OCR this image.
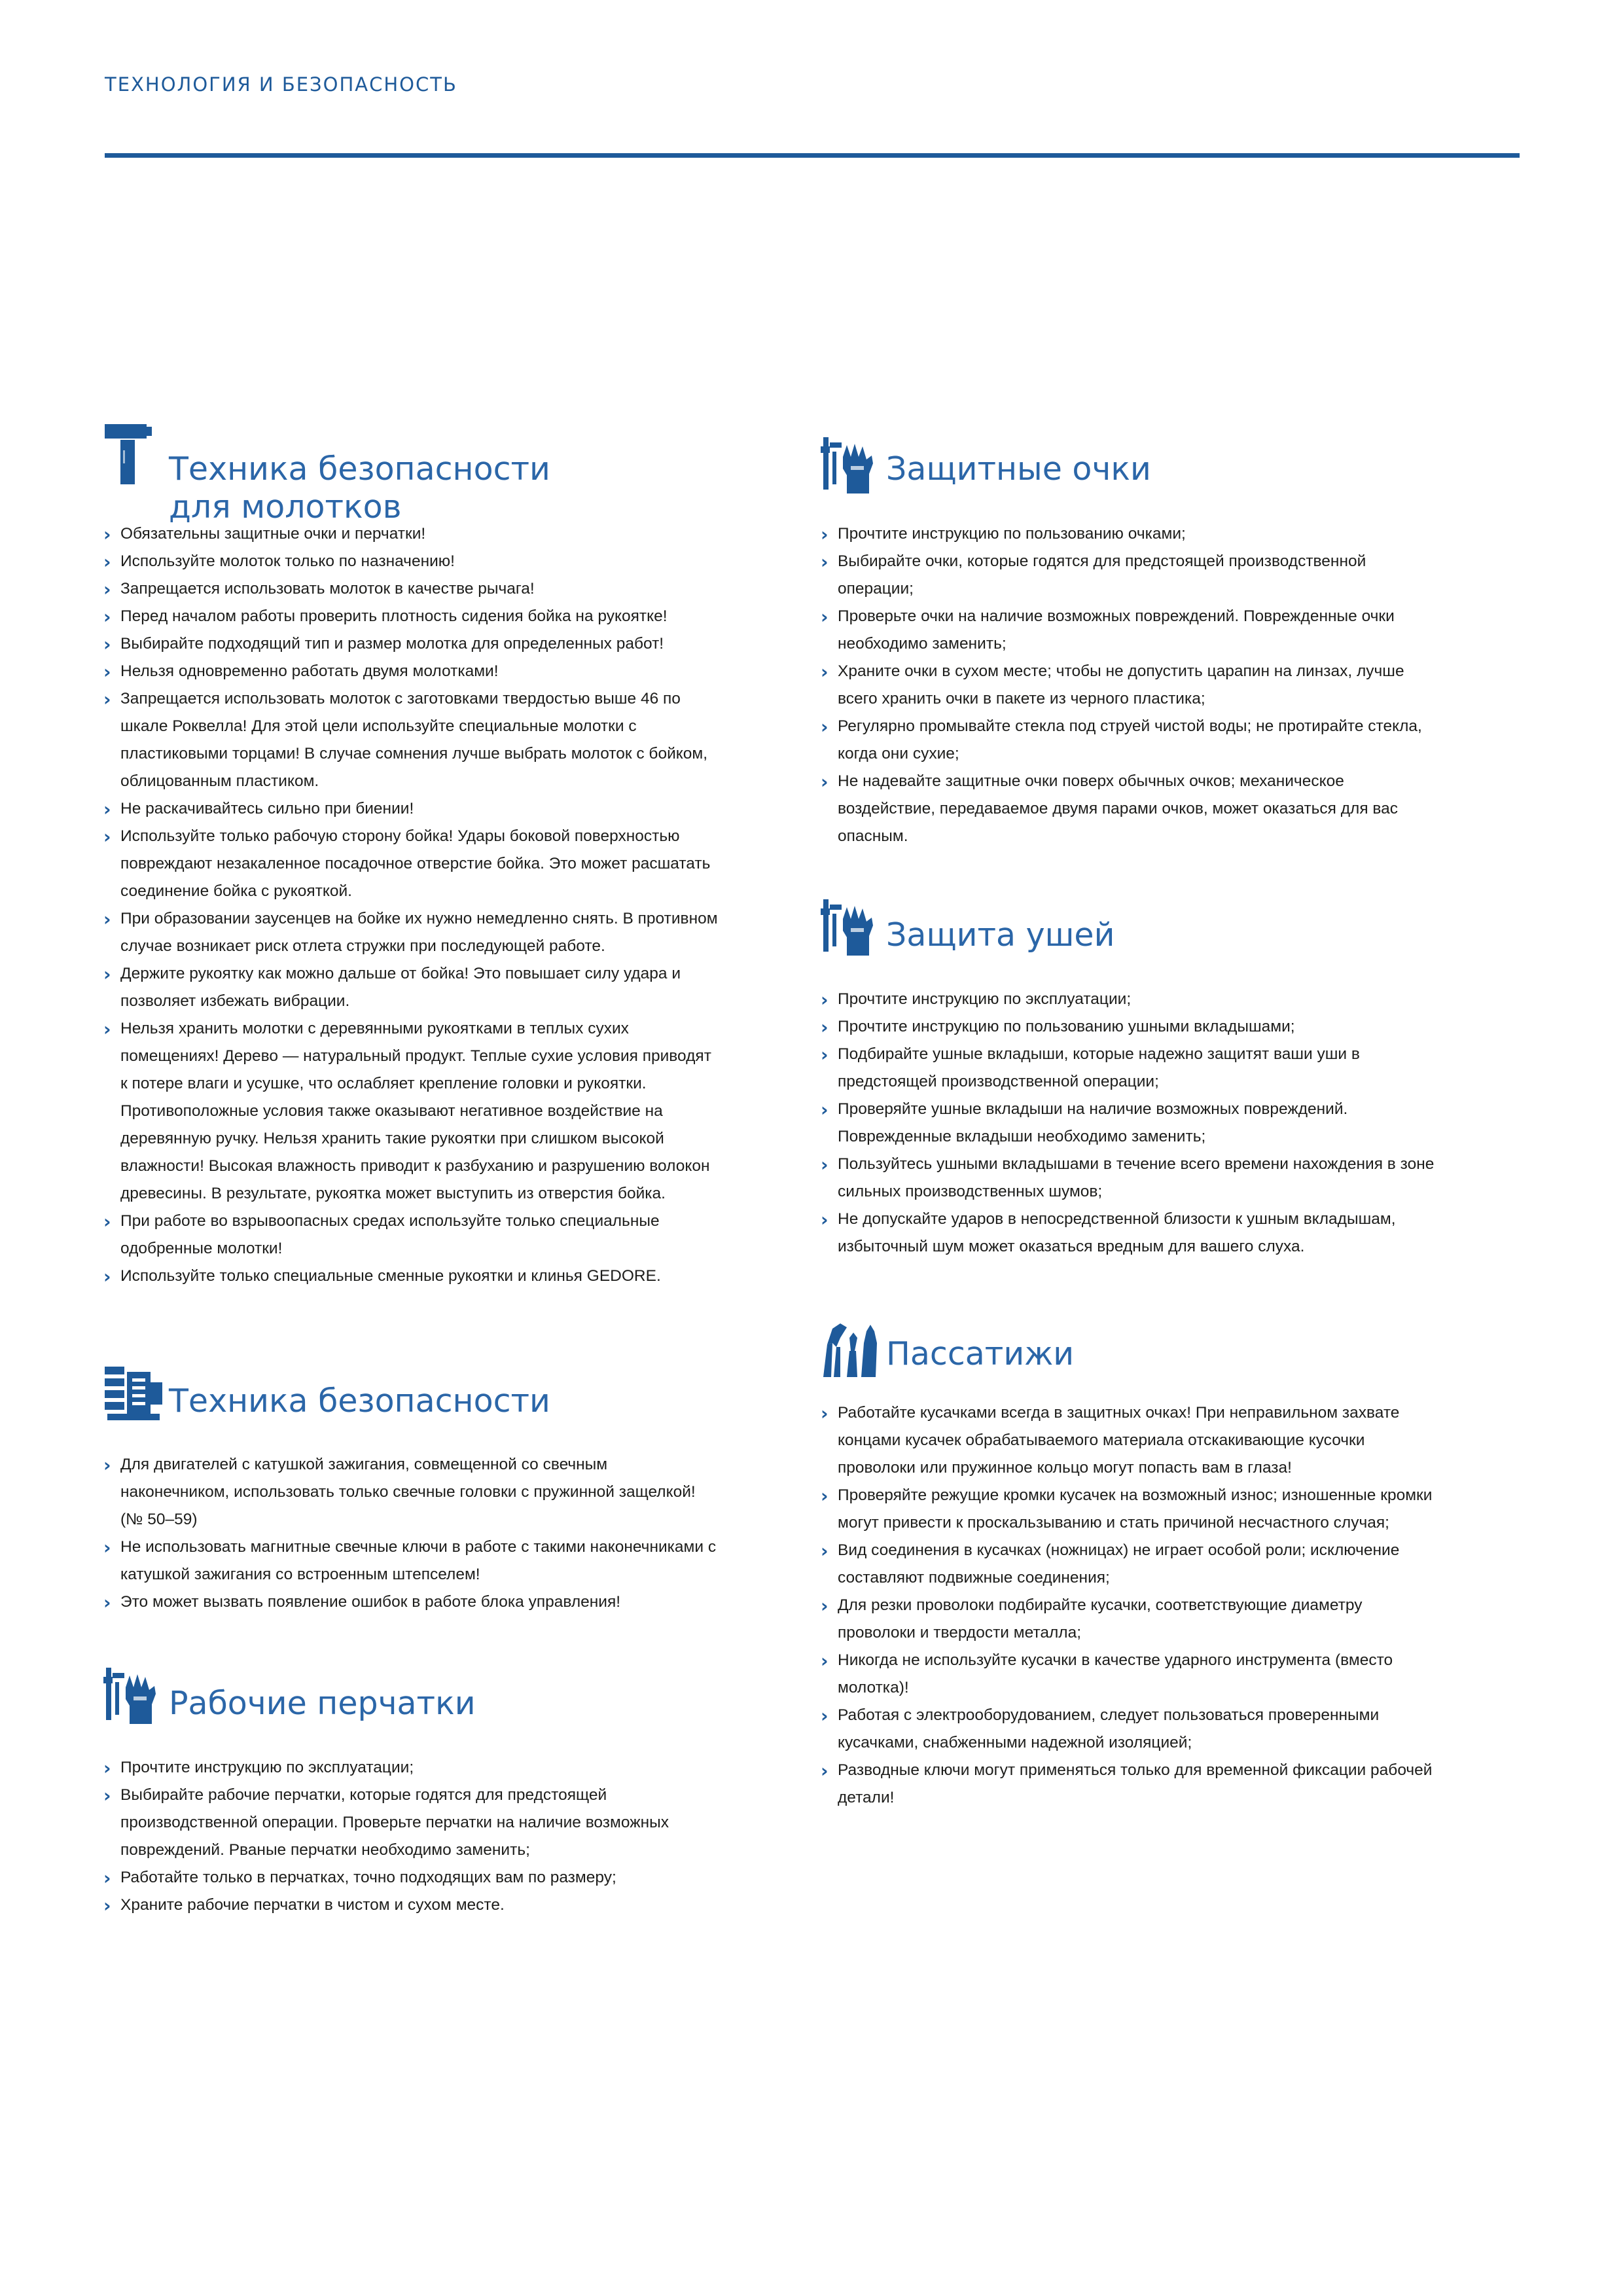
ТЕХНОЛОГИЯ И БЕЗОПАСНОСТЬ
Техника безопасности
для молотков
› Обязательны защитные очки и перчатки!
› Используйте молоток только по назначению!
› Запрещается использовать молоток в качестве рычага!
› Перед началом работы проверить плотность сидения бойка на рукоятке!
› Выбирайте подходящий тип и размер молотка для определенных работ!
› Нельзя одновременно работать двумя молотками!
› Запрещается использовать молоток с заготовками твердостью выше 46 по шкале Роквелла! Для этой цели используйте специальные молотки с пластиковыми торцами! В случае сомнения лучше выбрать молоток с бойком, облицованным пластиком.
› Не раскачивайтесь сильно при биении!
› Используйте только рабочую сторону бойка! Удары боковой поверхностью повреждают незакаленное посадочное отверстие бойка. Это может расшатать соединение бойка с рукояткой.
› При образовании заусенцев на бойке их нужно немедленно снять. В противном случае возникает риск отлета стружки при последующей работе.
› Держите рукоятку как можно дальше от бойка! Это повышает силу удара и позволяет избежать вибрации.
› Нельзя хранить молотки с деревянными рукоятками в теплых сухих помещениях! Дерево — натуральный продукт. Теплые сухие условия приводят к потере влаги и усушке, что ослабляет крепление головки и рукоятки. Противоположные условия также оказывают негативное воздействие на деревянную ручку. Нельзя хранить такие рукоятки при слишком высокой влажности! Высокая влажность приводит к разбуханию и разрушению волокон древесины. В результате, рукоятка может выступить из отверстия бойка.
› При работе во взрывоопасных средах используйте только специальные одобренные молотки!
› Используйте только специальные сменные рукоятки и клинья GEDORE.
Техника безопасности
› Для двигателей с катушкой зажигания, совмещенной со свечным наконечником, использовать только свечные головки с пружинной защелкой! (№ 50–59)
› Не использовать магнитные свечные ключи в работе с такими наконечниками с катушкой зажигания со встроенным штепселем!
› Это может вызвать появление ошибок в работе блока управления!
Рабочие перчатки
› Прочтите инструкцию по эксплуатации;
› Выбирайте рабочие перчатки, которые годятся для предстоящей производственной операции. Проверьте перчатки на наличие возможных повреждений. Рваные перчатки необходимо заменить;
› Работайте только в перчатках, точно подходящих вам по размеру;
› Храните рабочие перчатки в чистом и сухом месте.
Защитные очки
› Прочтите инструкцию по пользованию очками;
› Выбирайте очки, которые годятся для предстоящей производственной операции;
› Проверьте очки на наличие возможных повреждений. Поврежденные очки необходимо заменить;
› Храните очки в сухом месте; чтобы не допустить царапин на линзах, лучше всего хранить очки в пакете из черного пластика;
› Регулярно промывайте стекла под струей чистой воды; не протирайте стекла, когда они сухие;
› Не надевайте защитные очки поверх обычных очков; механическое воздействие, передаваемое двумя парами очков, может оказаться для вас опасным.
Защита ушей
› Прочтите инструкцию по эксплуатации;
› Прочтите инструкцию по пользованию ушными вкладышами;
› Подбирайте ушные вкладыши, которые надежно защитят ваши уши в предстоящей производственной операции;
› Проверяйте ушные вкладыши на наличие возможных повреждений. Поврежденные вкладыши необходимо заменить;
› Пользуйтесь ушными вкладышами в течение всего времени нахождения в зоне сильных производственных шумов;
› Не допускайте ударов в непосредственной близости к ушным вкладышам, избыточный шум может оказаться вредным для вашего слуха.
Пассатижи
› Работайте кусачками всегда в защитных очках! При неправильном захвате концами кусачек обрабатываемого материала отскакивающие кусочки проволоки или пружинное кольцо могут попасть вам в глаза!
› Проверяйте режущие кромки кусачек на возможный износ; изношенные кромки могут привести к проскальзыванию и стать причиной несчастного случая;
› Вид соединения в кусачках (ножницах) не играет особой роли; исключение составляют подвижные соединения;
› Для резки проволоки подбирайте кусачки, соответствующие диаметру проволоки и твердости металла;
› Никогда не используйте кусачки в качестве ударного инструмента (вместо молотка)!
› Работая с электрооборудованием, следует пользоваться проверенными кусачками, снабженными надежной изоляцией;
› Разводные ключи могут применяться только для временной фиксации рабочей детали!
